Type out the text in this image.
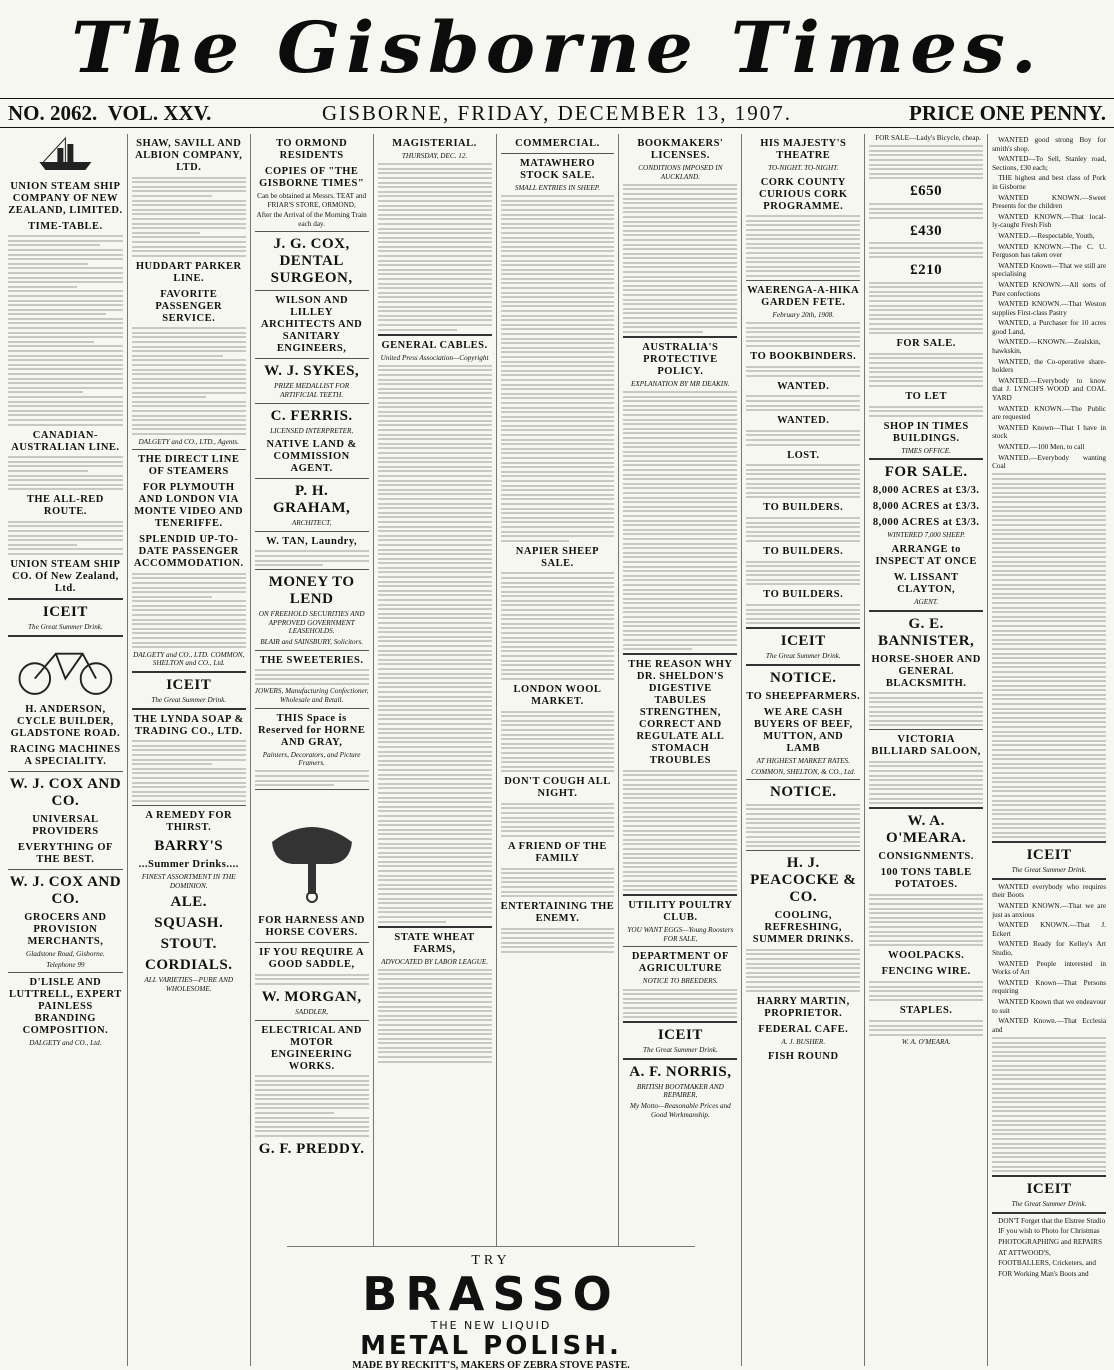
The Gisborne Times.
NO. 2062. VOL. XXV.	GISBORNE, FRIDAY, DECEMBER 13, 1907.	PRICE ONE PENNY.
UNION STEAM SHIP COMPANY OF NEW ZEALAND, LIMITED.
TIME-TABLE.
CANADIAN-AUSTRALIAN LINE.
THE ALL-RED ROUTE.
UNION STEAM SHIP CO. Of New Zealand, Ltd.
ICEIT
The Great Summer Drink.
H. ANDERSON, CYCLE BUILDER, GLADSTONE ROAD.
RACING MACHINES A SPECIALITY.
W. J. COX AND CO.
UNIVERSAL PROVIDERS
EVERYTHING OF THE BEST.
W. J. COX AND CO.
GROCERS AND PROVISION MERCHANTS,
Gladstone Road, Gisborne.
Telephone 99
D'LISLE AND LUTTRELL, EXPERT PAINLESS BRANDING COMPOSITION.
DALGETY and CO., Ltd.
SHAW, SAVILL AND ALBION COMPANY, LTD.
HUDDART PARKER LINE.
FAVORITE PASSENGER SERVICE.
DALGETY and CO., LTD., Agents.
THE DIRECT LINE OF STEAMERS
FOR PLYMOUTH AND LONDON VIA MONTE VIDEO AND TENERIFFE.
SPLENDID UP-TO-DATE PASSENGER ACCOMMODATION.
DALGETY and CO., LTD. COMMON, SHELTON and CO., Ltd.
ICEIT
The Great Summer Drink.
THE LYNDA SOAP & TRADING CO., LTD.
A REMEDY FOR THIRST.
BARRY'S
...Summer Drinks....
FINEST ASSORTMENT IN THE DOMINION.
ALE.
SQUASH.
STOUT.
CORDIALS.
ALL VARIETIES—PURE AND WHOLESOME.
TO ORMOND RESIDENTS
COPIES OF "THE GISBORNE TIMES"

Can be obtained at Messrs. TEAT and FRIAR'S STORE, ORMOND,

After the Arrival of the Morning Train each day.

J. G. COX, DENTAL SURGEON,
WILSON AND LILLEY ARCHITECTS AND SANITARY ENGINEERS,
W. J. SYKES,
PRIZE MEDALLIST FOR ARTIFICIAL TEETH.
C. FERRIS.
LICENSED INTERPRETER,
NATIVE LAND & COMMISSION AGENT.
P. H. GRAHAM,
ARCHITECT,
W. TAN, Laundry,
MONEY TO LEND
ON FREEHOLD SECURITIES AND APPROVED GOVERNMENT LEASEHOLDS.
BLAIR and SAINSBURY, Solicitors.
THE SWEETERIES.
JOWERS, Manufacturing Confectioner, Wholesale and Retail.
THIS Space is Reserved for HORNE AND GRAY,
Painters, Decorators, and Picture Framers.
FOR HARNESS AND HORSE COVERS.
IF YOU REQUIRE A GOOD SADDLE,
W. MORGAN,
SADDLER,
ELECTRICAL AND MOTOR ENGINEERING WORKS.
G. F. PREDDY.
MAGISTERIAL.
THURSDAY, DEC. 12.
GENERAL CABLES.
United Press Association—Copyright
STATE WHEAT FARMS,
ADVOCATED BY LABOR LEAGUE.
COMMERCIAL.
MATAWHERO STOCK SALE.
SMALL ENTRIES IN SHEEP.
NAPIER SHEEP SALE.
LONDON WOOL MARKET.
DON'T COUGH ALL NIGHT.
A FRIEND OF THE FAMILY
ENTERTAINING THE ENEMY.
BOOKMAKERS' LICENSES.
CONDITIONS IMPOSED IN AUCKLAND.
AUSTRALIA'S PROTECTIVE POLICY.
EXPLANATION BY MR DEAKIN.
THE REASON WHY DR. SHELDON'S DIGESTIVE TABULES STRENGTHEN, CORRECT AND REGULATE ALL STOMACH TROUBLES
UTILITY POULTRY CLUB.
YOU WANT EGGS—Young Roosters FOR SALE,
DEPARTMENT OF AGRICULTURE
NOTICE TO BREEDERS.
ICEIT
The Great Summer Drink.
A. F. NORRIS,
BRITISH BOOTMAKER AND REPAIRER,
My Motto—Reasonable Prices and Good Workmanship.
HIS MAJESTY'S THEATRE
TO-NIGHT. TO-NIGHT.
CORK COUNTY CURIOUS CORK PROGRAMME.
WAERENGA-A-HIKA GARDEN FETE.
February 20th, 1908.
TO BOOKBINDERS.
WANTED.
WANTED.
LOST.
TO BUILDERS.
TO BUILDERS.
TO BUILDERS.
ICEIT
The Great Summer Drink.
NOTICE.
TO SHEEPFARMERS.
WE ARE CASH BUYERS OF BEEF, MUTTON, AND LAMB
AT HIGHEST MARKET RATES.
COMMON, SHELTON, & CO., Ltd.
NOTICE.
H. J. PEACOCKE & CO.
COOLING, REFRESHING, SUMMER DRINKS.
HARRY MARTIN, PROPRIETOR.
FEDERAL CAFE.
A. J. BUSHER.
FISH ROUND

FOR SALE—Lady's Bicycle, cheap.

£650
£430
£210
FOR SALE.
TO LET
SHOP IN TIMES BUILDINGS.
TIMES OFFICE.
FOR SALE.
8,000 ACRES at £3/3.
8,000 ACRES at £3/3.
8,000 ACRES at £3/3.
WINTERED 7,000 SHEEP.
ARRANGE to INSPECT AT ONCE
W. LISSANT CLAYTON,
AGENT.
G. E. BANNISTER,
HORSE-SHOER AND GENERAL BLACKSMITH.
VICTORIA BILLIARD SALOON,
W. A. O'MEARA.
CONSIGNMENTS.
100 TONS TABLE POTATOES.
WOOLPACKS.
FENCING WIRE.
STAPLES.
W. A. O'MEARA.

WANTED good strong Boy for smith's shop.

WANTED—To Sell, Stanley road, Sections, £30 each;

THE highest and best class of Pork in Gisborne

WANTED KNOWN.—Sweet Presents for the children

WANTED KNOWN.—That local-ly-caught Fresh Fish

WANTED.—Respectable, Youth,

WANTED KNOWN.—The C. U. Ferguson has taken over

WANTED Known—That we still are specialising

WANTED KNOWN.—All sorts of Pure confections

WANTED KNOWN.—That Weston supplies First-class Pastry

WANTED, a Purchaser for 10 acres good Land,

WANTED.—KNOWN.—Zealskin, hawkskin,

WANTED, the Co-operative share-holders

WANTED.—Everybody to know that J. LYNCH'S WOOD and COAL YARD

WANTED KNOWN.—The Public are requested

WANTED Known—That I have in stock

WANTED.—100 Men, to call

WANTED.—Everybody wanting Coal

ICEIT
The Great Summer Drink.

WANTED everybody who requires their Boots

WANTED KNOWN.—That we are just as anxious

WANTED KNOWN.—That J. Eckert

WANTED Ready for Kelley's Art Studio,

WANTED People interested in Works of Art

WANTED Known—That Persons requiring

WANTED Known that we endeavour to suit

WANTED Known.—That Ecclesia and

ICEIT
The Great Summer Drink.

DON'T Forget that the Elstree Studio

IF you wish to Photo for Christmas

PHOTOGRAPHING and REPAIRS

AT ATTWOOD'S,

FOOTBALLERS, Cricketers, and

FOR Working Man's Boots and

TRY
BRASSO
THE NEW LIQUID
METAL POLISH.
MADE BY RECKITT'S, MAKERS OF ZEBRA STOVE PASTE.
